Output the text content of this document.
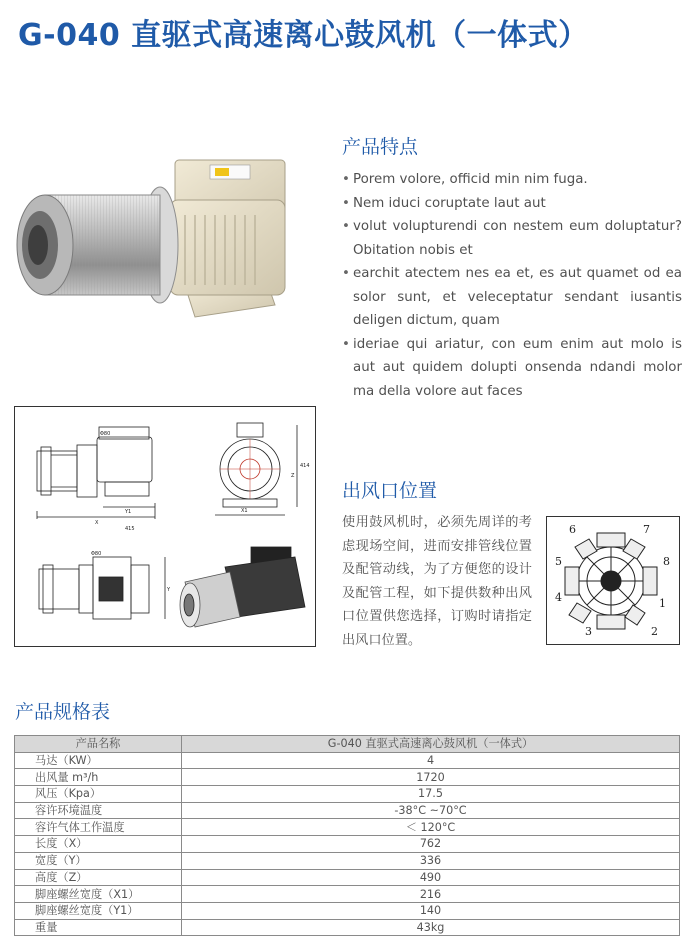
G-040 直驱式高速离心鼓风机（一体式）
产品特点
• Porem volore, officid min nim fuga.
• Nem iduci coruptate laut aut
• volut volupturendi con nestem eum doluptatur? Obitation nobis et
• earchit atectem nes ea et, es aut quamet od ea solor sunt, et veleceptatur sendant iusantis deligen dictum, quam
• ideriae qui ariatur, con eum enim aut molo is aut aut quidem dolupti onsenda ndandi molor ma della volore aut faces
X
415
Y1
Φ80
X1
Z
414
Y
Φ80
出风口位置

使用鼓风机时，必须先周详的考虑现场空间，进而安排管线位置及配管动线，为了方便您的设计及配管工程，如下提供数种出风口位置供您选择，订购时请指定出风口位置。

1
2
3
4
5
6	7
8
产品规格表
产品名称	G-040 直驱式高速离心鼓风机（一体式）
马达（KW）	4
出风量 m³/h	1720
风压（Kpa）	17.5
容许环境温度	-38°C ~70°C
容许气体工作温度	＜ 120°C
长度（X）	762
宽度（Y）	336
高度（Z）	490
脚座螺丝宽度（X1）	216
脚座螺丝宽度（Y1）	140
重量	43kg
